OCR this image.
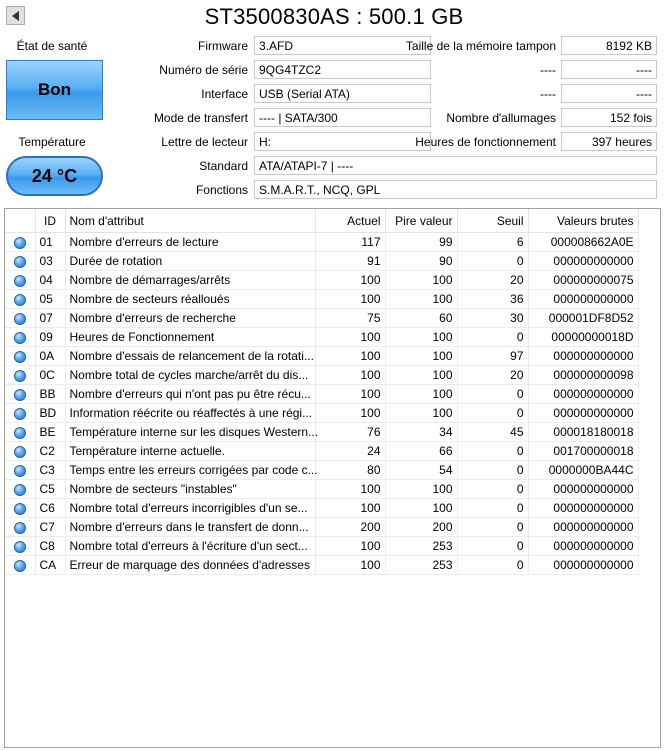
ST3500830AS : 500.1 GB
État de santé
Bon
Température
24 °C
Firmware 3.AFD
Numéro de série 9QG4TZC2
Interface USB (Serial ATA)
Mode de transfert ---- | SATA/300
Lettre de lecteur H:
Standard ATA/ATAPI-7 | ----
Fonctions S.M.A.R.T., NCQ, GPL
Taille de la mémoire tampon	8192 KB
----	----
----	----
Nombre d'allumages	152 fois
Heures de fonctionnement	397 heures
	ID	Nom d'attribut	Actuel	Pire valeur	Seuil	Valeurs brutes
	01	Nombre d'erreurs de lecture	117	99	6	000008662A0E
	03	Durée de rotation	91	90	0	000000000000
	04	Nombre de démarrages/arrêts	100	100	20	000000000075
	05	Nombre de secteurs réalloués	100	100	36	000000000000
	07	Nombre d'erreurs de recherche	75	60	30	000001DF8D52
	09	Heures de Fonctionnement	100	100	0	00000000018D
	0A	Nombre d'essais de relancement de la rotati...	100	100	97	000000000000
	0C	Nombre total de cycles marche/arrêt du dis...	100	100	20	000000000098
	BB	Nombre d'erreurs qui n'ont pas pu être récu...	100	100	0	000000000000
	BD	Information réécrite ou réaffectés à une régi...	100	100	0	000000000000
	BE	Température interne sur les disques Western...	76	34	45	000018180018
	C2	Température interne actuelle.	24	66	0	001700000018
	C3	Temps entre les erreurs corrigées par code c...	80	54	0	0000000BA44C
	C5	Nombre de secteurs "instables"	100	100	0	000000000000
	C6	Nombre total d'erreurs incorrigibles d'un se...	100	100	0	000000000000
	C7	Nombre d'erreurs dans le transfert de donn...	200	200	0	000000000000
	C8	Nombre total d'erreurs à l'écriture d'un sect...	100	253	0	000000000000
	CA	Erreur de marquage des données d'adresses	100	253	0	000000000000
